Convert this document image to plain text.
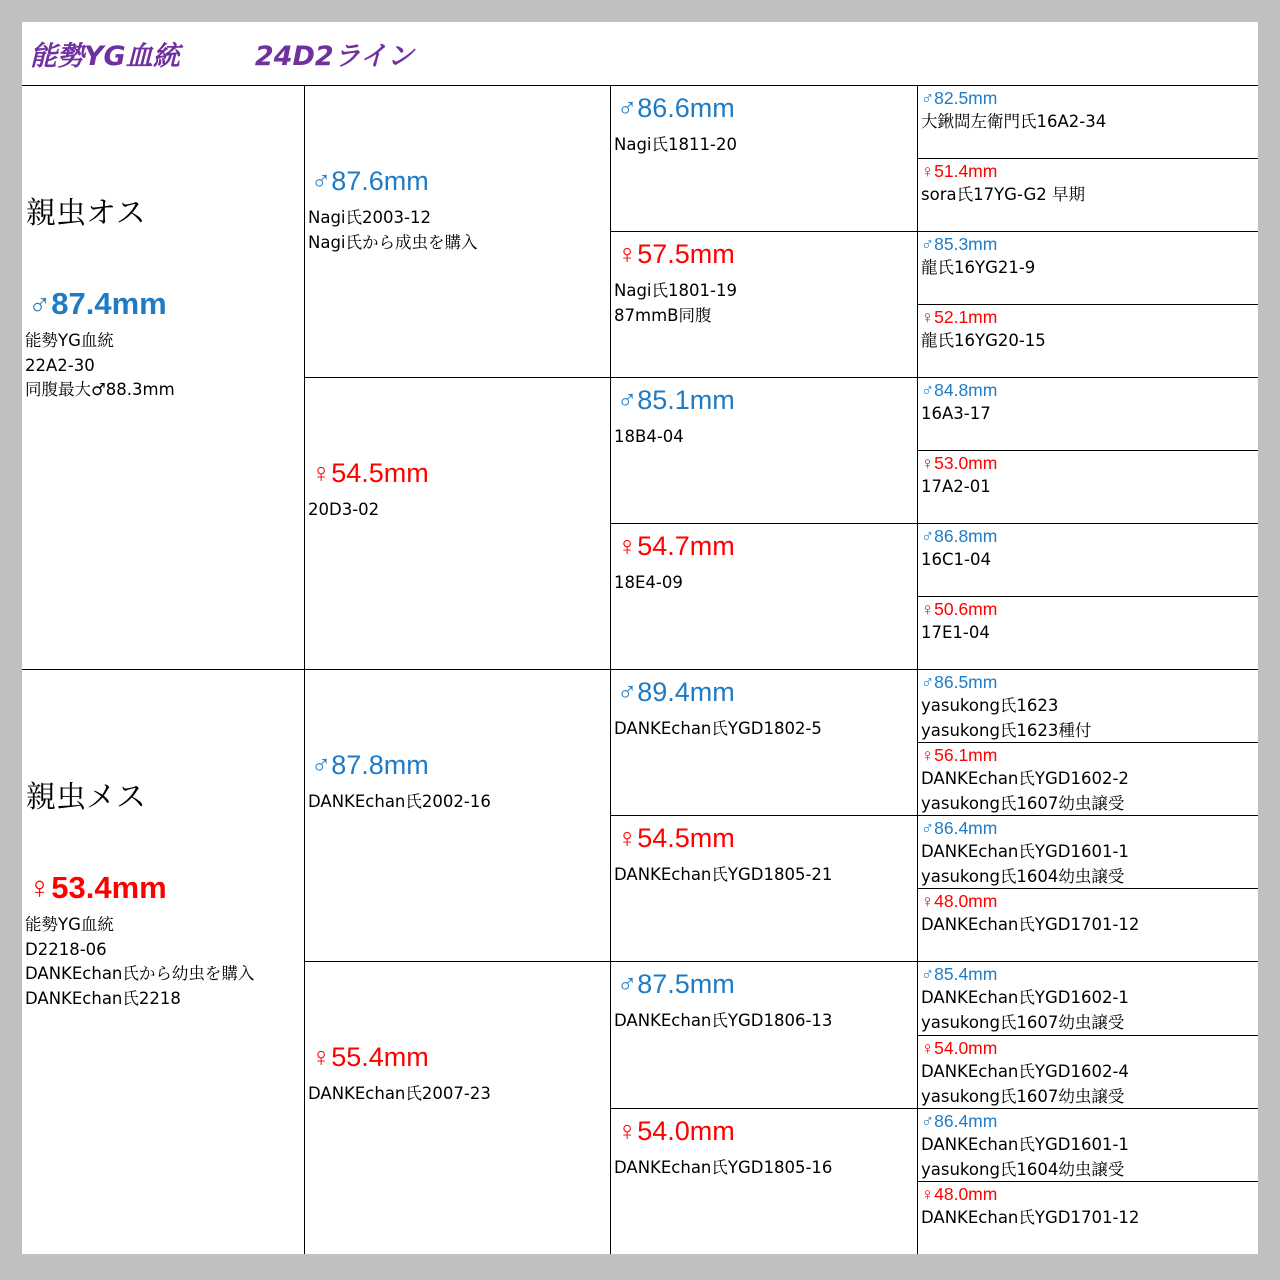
能勢YG血統	24D2ライン
親虫オス
♂87.4mm
能勢YG血統
22A2-30
同腹最大♂88.3mm
親虫メス
♀53.4mm
能勢YG血統
D2218-06
DANKEchan氏から幼虫を購入
DANKEchan氏2218
♂87.6mm
Nagi氏2003-12
Nagi氏から成虫を購入
♀54.5mm
20D3-02
♂87.8mm
DANKEchan氏2002-16
♀55.4mm
DANKEchan氏2007-23
♂86.6mm
Nagi氏1811-20
♀57.5mm
Nagi氏1801-19
87mmB同腹
♂85.1mm
18B4-04
♀54.7mm
18E4-09
♂89.4mm
DANKEchan氏YGD1802-5
♀54.5mm
DANKEchan氏YGD1805-21
♂87.5mm
DANKEchan氏YGD1806-13
♀54.0mm
DANKEchan氏YGD1805-16
♂82.5mm
大鍬閊左衛門氏16A2-34
♀51.4mm
sora氏17YG-G2 早期
♂85.3mm
龍氏16YG21-9
♀52.1mm
龍氏16YG20-15
♂84.8mm
16A3-17
♀53.0mm
17A2-01
♂86.8mm
16C1-04
♀50.6mm
17E1-04
♂86.5mm
yasukong氏1623
yasukong氏1623種付
♀56.1mm
DANKEchan氏YGD1602-2
yasukong氏1607幼虫譲受
♂86.4mm
DANKEchan氏YGD1601-1
yasukong氏1604幼虫譲受
♀48.0mm
DANKEchan氏YGD1701-12
♂85.4mm
DANKEchan氏YGD1602-1
yasukong氏1607幼虫譲受
♀54.0mm
DANKEchan氏YGD1602-4
yasukong氏1607幼虫譲受
♂86.4mm
DANKEchan氏YGD1601-1
yasukong氏1604幼虫譲受
♀48.0mm
DANKEchan氏YGD1701-12
